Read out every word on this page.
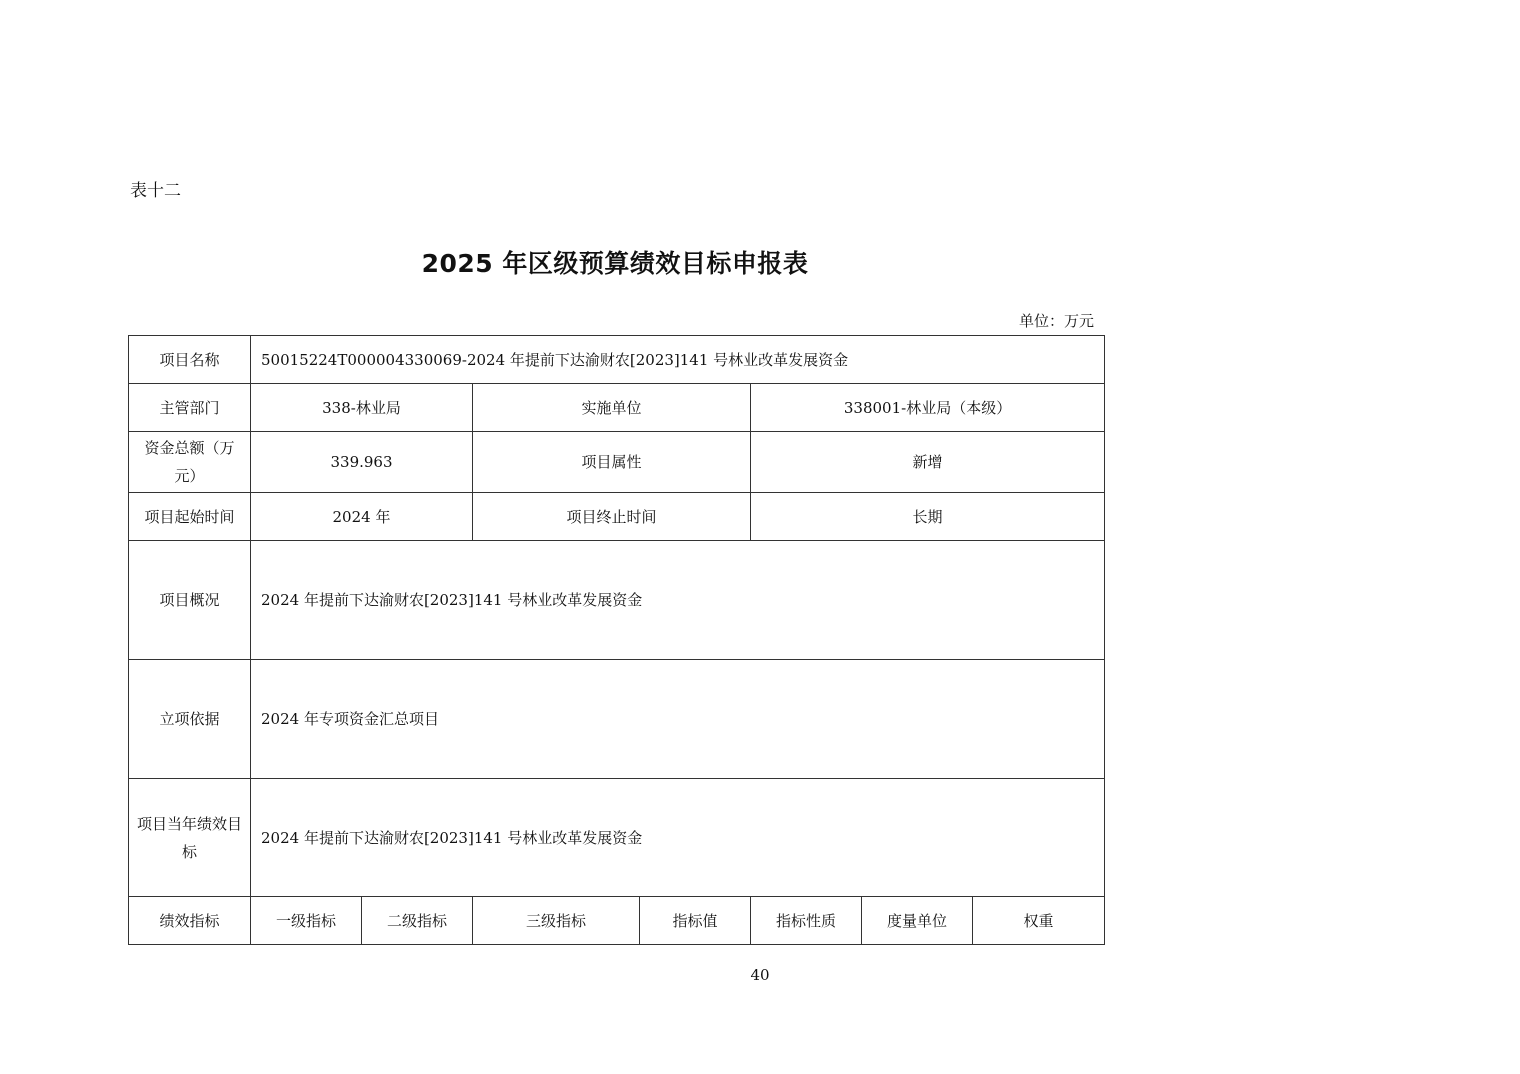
表十二
2025 年区级预算绩效目标申报表
单位：万元
项目名称	50015224T000004330069-2024 年提前下达渝财农[2023]141 号林业改革发展资金						
主管部门	338-林业局		实施单位		338001-林业局（本级）		
资金总额（万元）	339.963		项目属性		新增		
项目起始时间	2024 年		项目终止时间		长期		
项目概况	2024 年提前下达渝财农[2023]141 号林业改革发展资金						
立项依据	2024 年专项资金汇总项目						
项目当年绩效目标	2024 年提前下达渝财农[2023]141 号林业改革发展资金						
绩效指标	一级指标	二级指标	三级指标	指标值	指标性质	度量单位	权重
40
